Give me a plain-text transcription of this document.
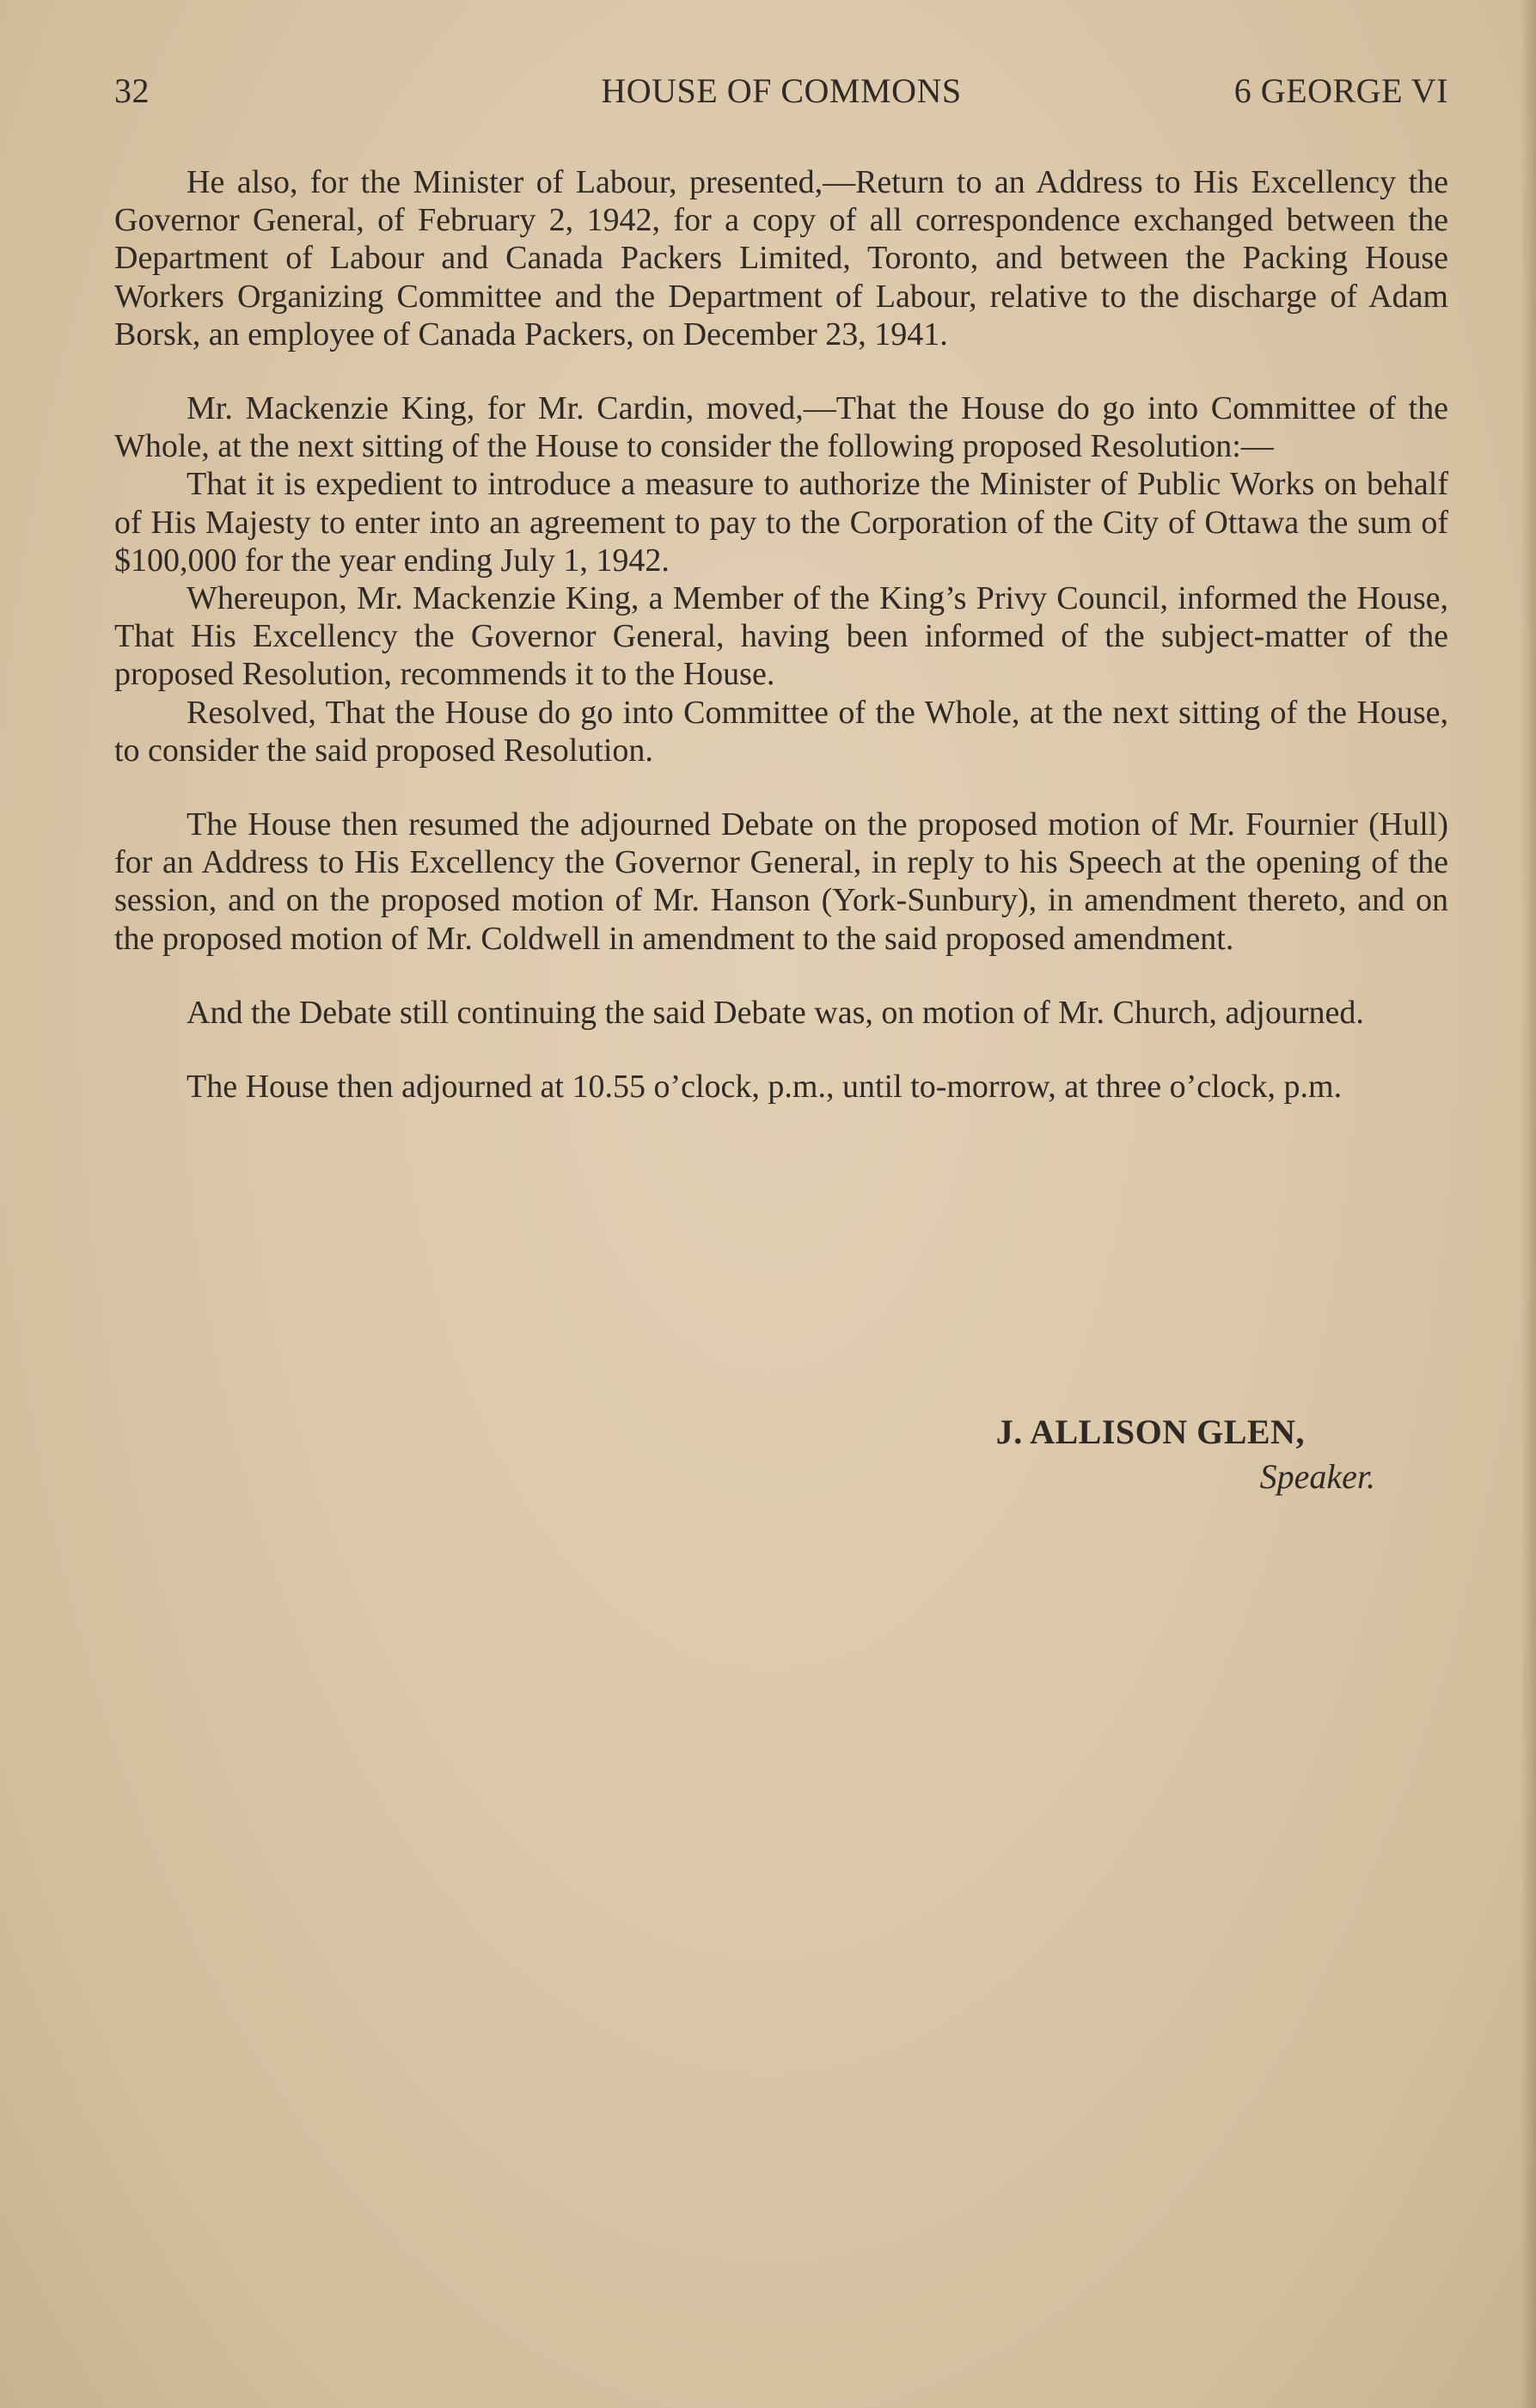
32	HOUSE OF COMMONS	6 GEORGE VI

He also, for the Minister of Labour, presented,—Return to an Address to His Excellency the Governor General, of February 2, 1942, for a copy of all correspondence exchanged between the Department of Labour and Canada Packers Limited, Toronto, and between the Packing House Workers Organizing Committee and the Department of Labour, relative to the discharge of Adam Borsk, an employee of Canada Packers, on December 23, 1941.

Mr. Mackenzie King, for Mr. Cardin, moved,—That the House do go into Committee of the Whole, at the next sitting of the House to consider the following proposed Resolution:—

That it is expedient to introduce a measure to authorize the Minister of Public Works on behalf of His Majesty to enter into an agreement to pay to the Corporation of the City of Ottawa the sum of $100,000 for the year ending July 1, 1942.

Whereupon, Mr. Mackenzie King, a Member of the King’s Privy Council, informed the House, That His Excellency the Governor General, having been informed of the subject-matter of the proposed Resolution, recommends it to the House.

Resolved, That the House do go into Committee of the Whole, at the next sitting of the House, to consider the said proposed Resolution.

The House then resumed the adjourned Debate on the proposed motion of Mr. Fournier (Hull) for an Address to His Excellency the Governor General, in reply to his Speech at the opening of the session, and on the proposed motion of Mr. Hanson (York-Sunbury), in amendment thereto, and on the proposed motion of Mr. Coldwell in amendment to the said proposed amendment.

And the Debate still continuing the said Debate was, on motion of Mr. Church, adjourned.

The House then adjourned at 10.55 o’clock, p.m., until to-morrow, at three o’clock, p.m.

J. ALLISON GLEN,
Speaker.
